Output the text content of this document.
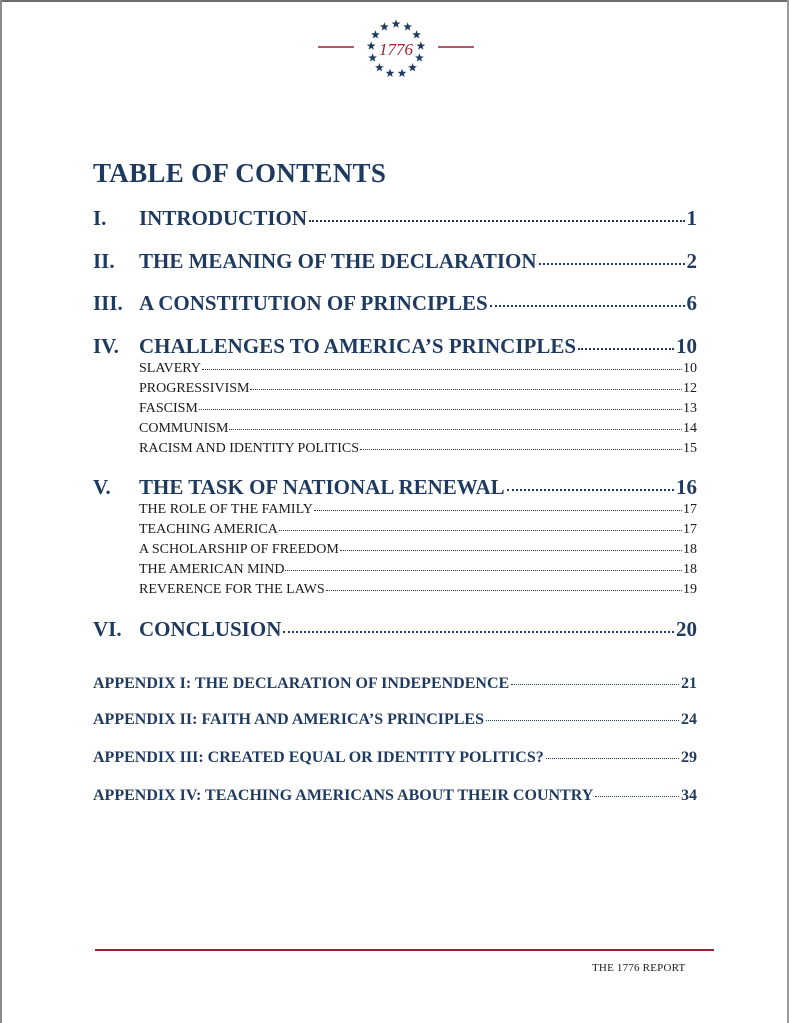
1776
TABLE OF CONTENTS
I.	INTRODUCTION	1
II.	THE MEANING OF THE DECLARATION	2
III. A CONSTITUTION OF PRINCIPLES	6
IV. CHALLENGES TO AMERICA’S PRINCIPLES	10
SLAVERY	10
PROGRESSIVISM	12
FASCISM	13
COMMUNISM	14
RACISM AND IDENTITY POLITICS	15
V.	THE TASK OF NATIONAL RENEWAL	16
THE ROLE OF THE FAMILY	17
TEACHING AMERICA	17
A SCHOLARSHIP OF FREEDOM	18
THE AMERICAN MIND	18
REVERENCE FOR THE LAWS	19
VI. CONCLUSION	20
APPENDIX I: THE DECLARATION OF INDEPENDENCE	21
APPENDIX II: FAITH AND AMERICA’S PRINCIPLES	24
APPENDIX III: CREATED EQUAL OR IDENTITY POLITICS?	29
APPENDIX IV: TEACHING AMERICANS ABOUT THEIR COUNTRY	34
THE 1776 REPORT
